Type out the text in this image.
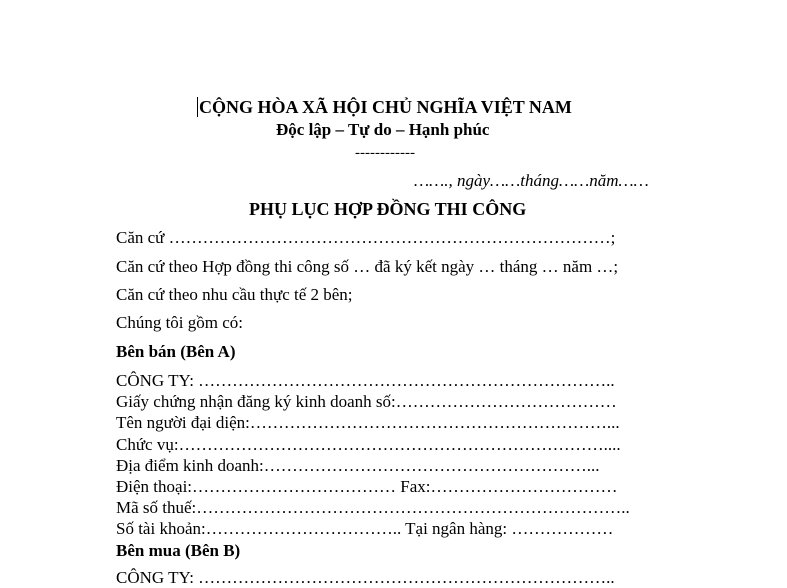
CỘNG HÒA XÃ HỘI CHỦ NGHĨA VIỆT NAM
Độc lập – Tự do – Hạnh phúc
------------
……., ngày……tháng……năm……
PHỤ LỤC HỢP ĐỒNG THI CÔNG
Căn cứ ……………………………………………………………………;
Căn cứ theo Hợp đồng thi công số … đã ký kết ngày … tháng … năm …;
Căn cứ theo nhu cầu thực tế 2 bên;
Chúng tôi gồm có:
Bên bán (Bên A)
CÔNG TY: ………………………………………………………………..
Giấy chứng nhận đăng ký kinh doanh số:…………………………………
Tên người đại diện:………………………………………………………...
Chức vụ:…………………………………………………………………....
Địa điểm kinh doanh:…………………………………………………...
Điện thoại:……………………………… Fax:……………………………
Mã số thuế:…………………………………………………………………..
Số tài khoản:…………………………….. Tại ngân hàng: ………………
Bên mua (Bên B)
CÔNG TY: ………………………………………………………………..
